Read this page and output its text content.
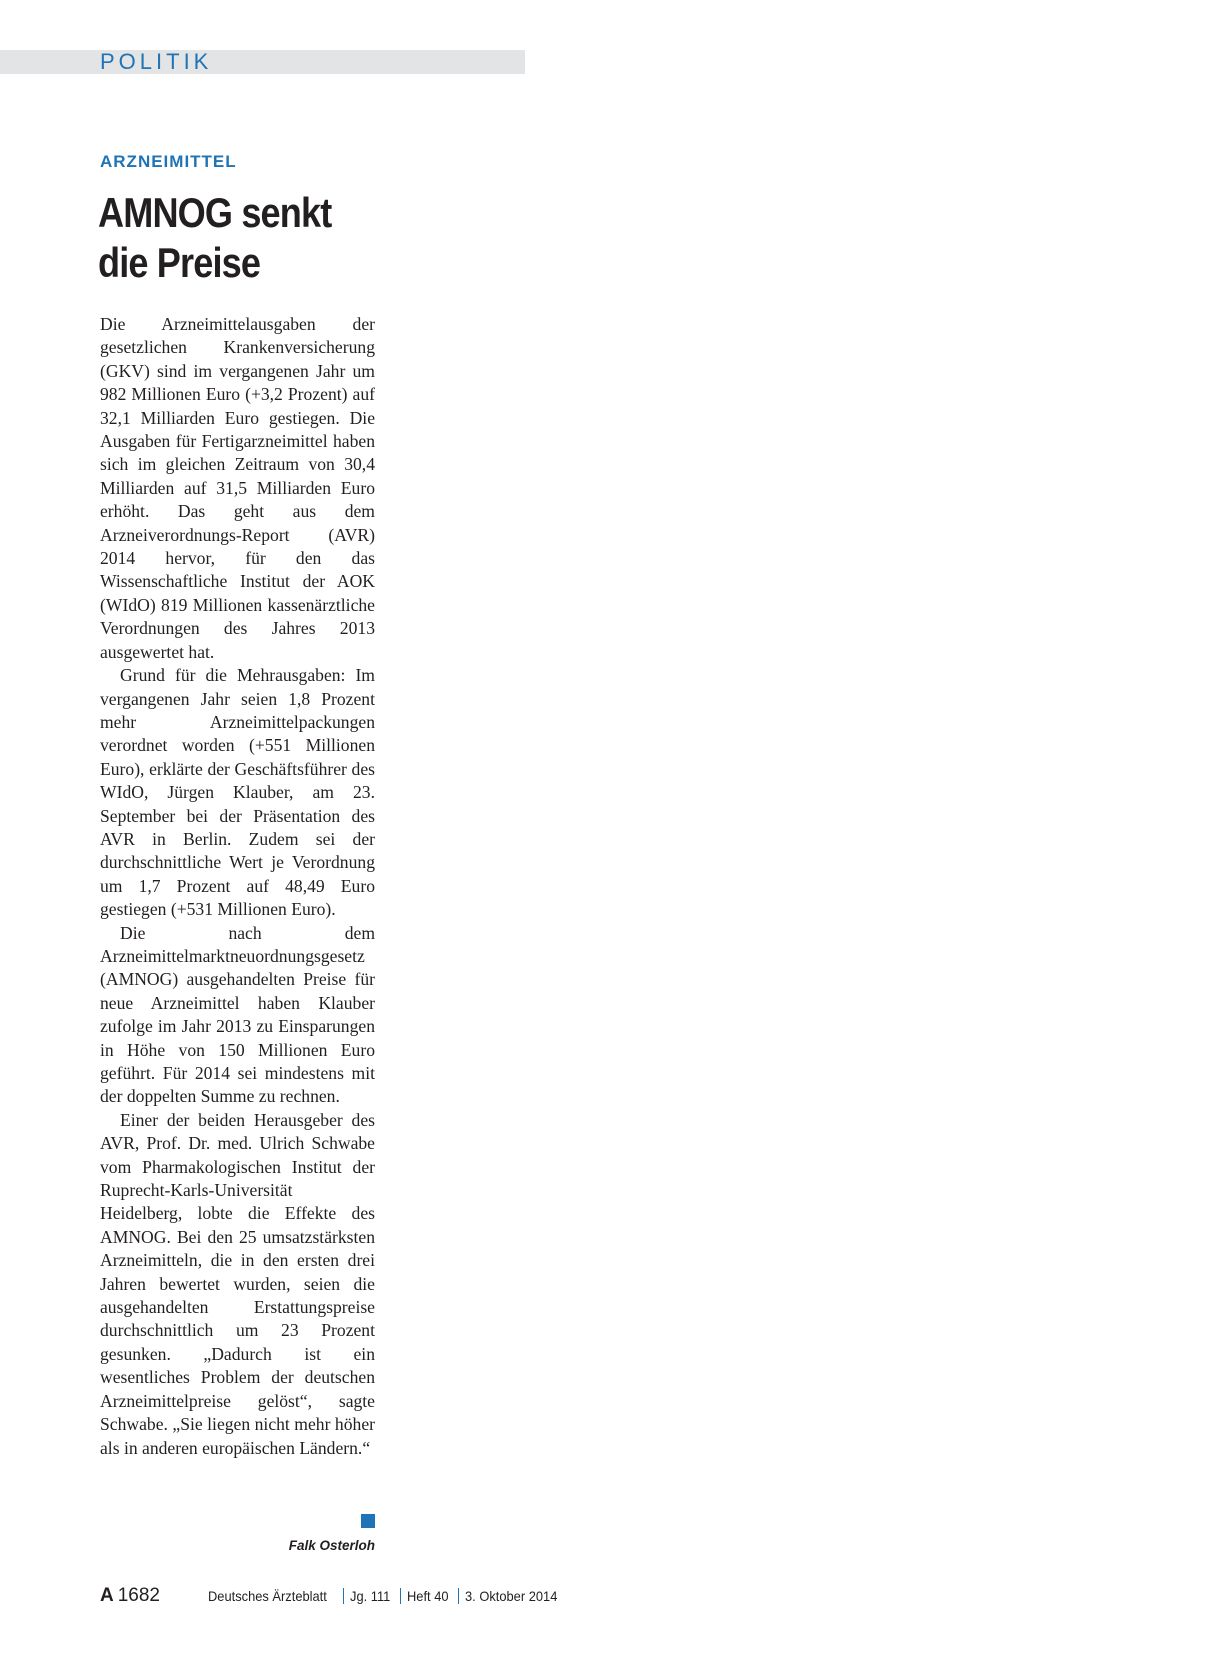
POLITIK
ARZNEIMITTEL
AMNOG senkt
die Preise

Die Arzneimittelausgaben der gesetzlichen Krankenversicherung (GKV) sind im vergangenen Jahr um 982 Millionen Euro (+3,2 Prozent) auf 32,1 Milliarden Euro gestiegen. Die Ausgaben für Fertigarzneimittel haben sich im gleichen Zeitraum von 30,4 Milliarden auf 31,5 Milliarden Euro erhöht. Das geht aus dem Arzneiverordnungs-Report (AVR) 2014 hervor, für den das Wissenschaftliche Institut der AOK (WIdO) 819 Millionen kassenärztliche Verordnungen des Jahres 2013 ausgewertet hat.

Grund für die Mehrausgaben: Im vergangenen Jahr seien 1,8 Prozent mehr Arzneimittelpackungen verordnet worden (+551 Millionen Euro), erklärte der Geschäftsführer des WIdO, Jürgen Klauber, am 23. September bei der Präsentation des AVR in Berlin. Zudem sei der durchschnittliche Wert je Verordnung um 1,7 Prozent auf 48,49 Euro gestiegen (+531 Millionen Euro).

Die nach dem Arzneimittelmarktneuordnungsgesetz (AMNOG) ausgehandelten Preise für neue Arzneimittel haben Klauber zufolge im Jahr 2013 zu Einsparungen in Höhe von 150 Millionen Euro geführt. Für 2014 sei mindestens mit der doppelten Summe zu rechnen.

Einer der beiden Herausgeber des AVR, Prof. Dr. med. Ulrich Schwabe vom Pharmakologischen Institut der Ruprecht-Karls-Universität Heidelberg, lobte die Effekte des AMNOG. Bei den 25 umsatzstärksten Arzneimitteln, die in den ersten drei Jahren bewertet wurden, seien die ausgehandelten Erstattungspreise durchschnittlich um 23 Prozent gesunken. „Dadurch ist ein wesentliches Problem der deutschen Arzneimittelpreise gelöst“, sagte Schwabe. „Sie liegen nicht mehr höher als in anderen europäischen Ländern.“

Falk Osterloh
A 1682	Deutsches Ärzteblatt Jg. 111 Heft 40 3. Oktober 2014
